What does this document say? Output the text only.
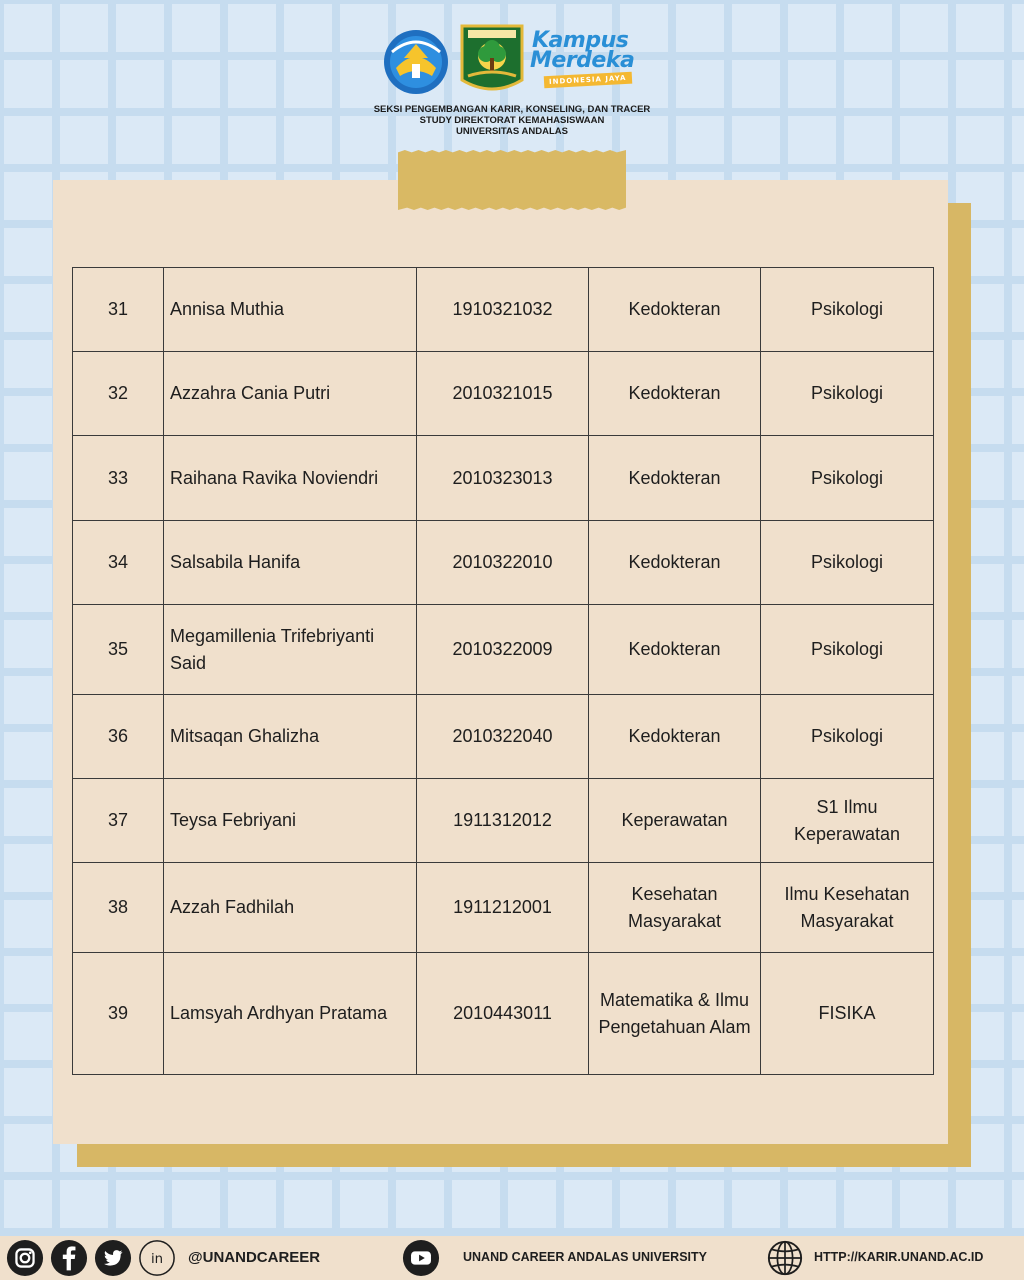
Kampus
Merdeka
INDONESIA JAYA
SEKSI PENGEMBANGAN KARIR, KONSELING, DAN TRACER
STUDY DIREKTORAT KEMAHASISWAAN
UNIVERSITAS ANDALAS
31	Annisa Muthia	1910321032	Kedokteran	Psikologi
32	Azzahra Cania Putri	2010321015	Kedokteran	Psikologi
33	Raihana Ravika Noviendri	2010323013	Kedokteran	Psikologi
34	Salsabila Hanifa	2010322010	Kedokteran	Psikologi
35	Megamillenia Trifebriyanti Said	2010322009	Kedokteran	Psikologi
36	Mitsaqan Ghalizha	2010322040	Kedokteran	Psikologi
37	Teysa Febriyani	1911312012	Keperawatan	S1 Ilmu Keperawatan
38	Azzah Fadhilah	1911212001	Kesehatan Masyarakat	Ilmu Kesehatan Masyarakat
39	Lamsyah Ardhyan Pratama	2010443011	Matematika & Ilmu Pengetahuan Alam	FISIKA
in @UNANDCAREER	UNAND CAREER ANDALAS UNIVERSITY	HTTP://KARIR.UNAND.AC.ID
